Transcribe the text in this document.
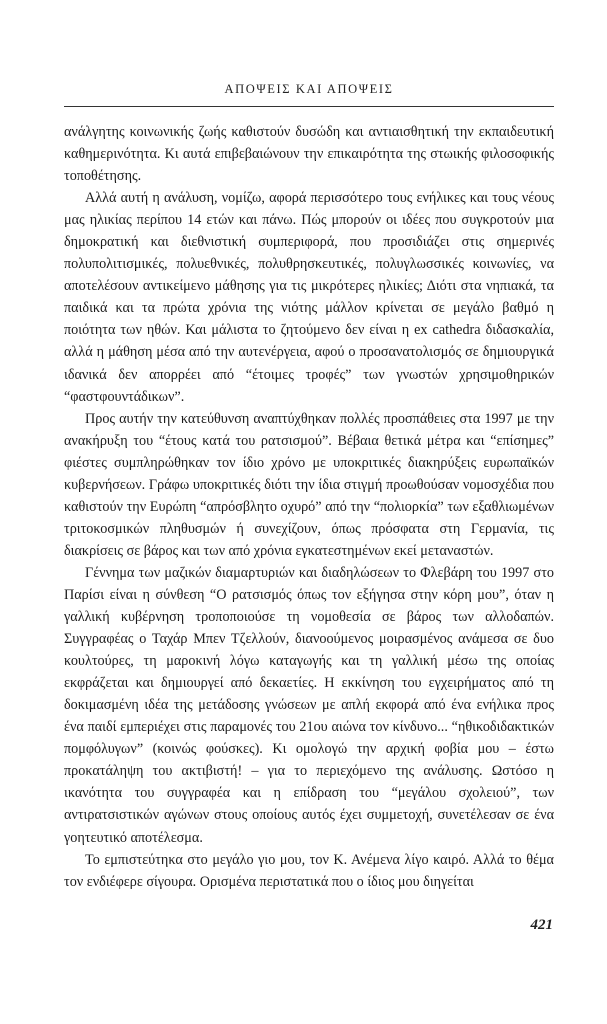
ΑΠΟΨΕΙΣ ΚΑΙ ΑΠΟΨΕΙΣ

ανάλγητης κοινωνικής ζωής καθιστούν δυσώδη και αντιαισθητική την εκπαιδευτική καθημερινότητα. Κι αυτά επιβεβαιώνουν την επικαιρότητα της στωικής φιλοσοφικής τοποθέτησης.

Αλλά αυτή η ανάλυση, νομίζω, αφορά περισσότερο τους ενήλικες και τους νέους μας ηλικίας περίπου 14 ετών και πάνω. Πώς μπορούν οι ιδέες που συγκροτούν μια δημοκρατική και διεθνιστική συμπεριφορά, που προσιδιάζει στις σημερινές πολυπολιτισμικές, πολυεθνικές, πολυθρησκευτικές, πολυγλωσσικές κοινωνίες, να αποτελέσουν αντικείμενο μάθησης για τις μικρότερες ηλικίες; Διότι στα νηπιακά, τα παιδικά και τα πρώτα χρόνια της νιότης μάλλον κρίνεται σε μεγάλο βαθμό η ποιότητα των ηθών. Και μάλιστα το ζητούμενο δεν είναι η ex cathedra διδασκαλία, αλλά η μάθηση μέσα από την αυτενέργεια, αφού ο προσανατολισμός σε δημιουργικά ιδανικά δεν απορρέει από “έτοιμες τροφές” των γνωστών χρησιμοθηρικών “φαστφουντάδικων”.

Προς αυτήν την κατεύθυνση αναπτύχθηκαν πολλές προσπάθειες στα 1997 με την ανακήρυξη του “έτους κατά του ρατσισμού”. Βέβαια θετικά μέτρα και “επίσημες” φιέστες συμπληρώθηκαν τον ίδιο χρόνο με υποκριτικές διακηρύξεις ευρωπαϊκών κυβερνήσεων. Γράφω υποκριτικές διότι την ίδια στιγμή προωθούσαν νομοσχέδια που καθιστούν την Ευρώπη “απρόσβλητο οχυρό” από την “πολιορκία” των εξαθλιωμένων τριτοκοσμικών πληθυσμών ή συνεχίζουν, όπως πρόσφατα στη Γερμανία, τις διακρίσεις σε βάρος και των από χρόνια εγκατεστημένων εκεί μεταναστών.

Γέννημα των μαζικών διαμαρτυριών και διαδηλώσεων το Φλεβάρη του 1997 στο Παρίσι είναι η σύνθεση “Ο ρατσισμός όπως τον εξήγησα στην κόρη μου”, όταν η γαλλική κυβέρνηση τροποποιούσε τη νομοθεσία σε βάρος των αλλοδαπών. Συγγραφέας ο Ταχάρ Μπεν Τζελλούν, διανοούμενος μοιρασμένος ανάμεσα σε δυο κουλτούρες, τη μαροκινή λόγω καταγωγής και τη γαλλική μέσω της οποίας εκφράζεται και δημιουργεί από δεκαετίες. Η εκκίνηση του εγχειρήματος από τη δοκιμασμένη ιδέα της μετάδοσης γνώσεων με απλή εκφορά από ένα ενήλικα προς ένα παιδί εμπεριέχει στις παραμονές του 21ου αιώνα τον κίνδυνο... “ηθικοδιδακτικών πομφόλυγων” (κοινώς φούσκες). Κι ομολογώ την αρχική φοβία μου – έστω προκατάληψη του ακτιβιστή! – για το περιεχόμενο της ανάλυσης. Ωστόσο η ικανότητα του συγγραφέα και η επίδραση του “μεγάλου σχολειού”, των αντιρατσιστικών αγώνων στους οποίους αυτός έχει συμμετοχή, συνετέλεσαν σε ένα γοητευτικό αποτέλεσμα.

Το εμπιστεύτηκα στο μεγάλο γιο μου, τον Κ. Ανέμενα λίγο καιρό. Αλλά το θέμα τον ενδιέφερε σίγουρα. Ορισμένα περιστατικά που ο ίδιος μου διηγείται

421
